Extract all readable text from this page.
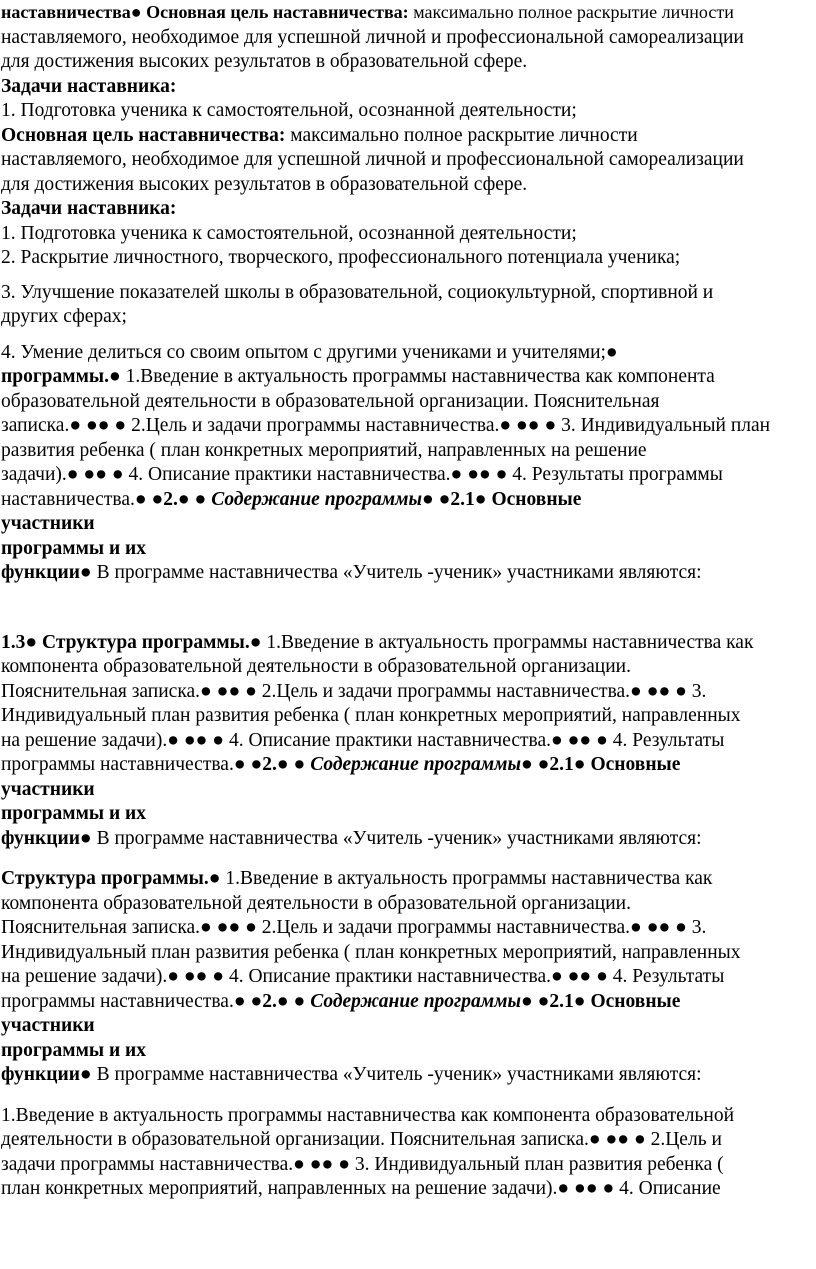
наставничества● Основная цель наставничества: максимально полное раскрытие личности

наставляемого, необходимое для успешной личной и профессиональной самореализации

для достижения высоких результатов в образовательной сфере.

Задачи наставника:

1. Подготовка ученика к самостоятельной, осознанной деятельности;

Основная цель наставничества: максимально полное раскрытие личности

наставляемого, необходимое для успешной личной и профессиональной самореализации

для достижения высоких результатов в образовательной сфере.

Задачи наставника:

1. Подготовка ученика к самостоятельной, осознанной деятельности;

2. Раскрытие личностного, творческого, профессионального потенциала ученика;

3. Улучшение показателей школы в образовательной, социокультурной, спортивной и

других сферах;

4. Умение делиться со своим опытом с другими учениками и учителями;●

программы.● 1.Введение в актуальность программы наставничества как компонента

образовательной деятельности в образовательной организации. Пояснительная

записка.● ●● ● 2.Цель и задачи программы наставничества.● ●● ● 3. Индивидуальный план

развития ребенка ( план конкретных мероприятий, направленных на решение

задачи).● ●● ● 4. Описание практики наставничества.● ●● ● 4. Результаты программы

наставничества.● ●2.● ● Содержание программы● ●2.1● Основные

участники

программы и их

функции● В программе наставничества «Учитель -ученик» участниками являются:

1.3● Структура программы.● 1.Введение в актуальность программы наставничества как

компонента образовательной деятельности в образовательной организации.

Пояснительная записка.● ●● ● 2.Цель и задачи программы наставничества.● ●● ● 3.

Индивидуальный план развития ребенка ( план конкретных мероприятий, направленных

на решение задачи).● ●● ● 4. Описание практики наставничества.● ●● ● 4. Результаты

программы наставничества.● ●2.● ● Содержание программы● ●2.1● Основные

участники

программы и их

функции● В программе наставничества «Учитель -ученик» участниками являются:

Структура программы.● 1.Введение в актуальность программы наставничества как

компонента образовательной деятельности в образовательной организации.

Пояснительная записка.● ●● ● 2.Цель и задачи программы наставничества.● ●● ● 3.

Индивидуальный план развития ребенка ( план конкретных мероприятий, направленных

на решение задачи).● ●● ● 4. Описание практики наставничества.● ●● ● 4. Результаты

программы наставничества.● ●2.● ● Содержание программы● ●2.1● Основные

участники

программы и их

функции● В программе наставничества «Учитель -ученик» участниками являются:

1.Введение в актуальность программы наставничества как компонента образовательной

деятельности в образовательной организации. Пояснительная записка.● ●● ● 2.Цель и

задачи программы наставничества.● ●● ● 3. Индивидуальный план развития ребенка (

план конкретных мероприятий, направленных на решение задачи).● ●● ● 4. Описание
